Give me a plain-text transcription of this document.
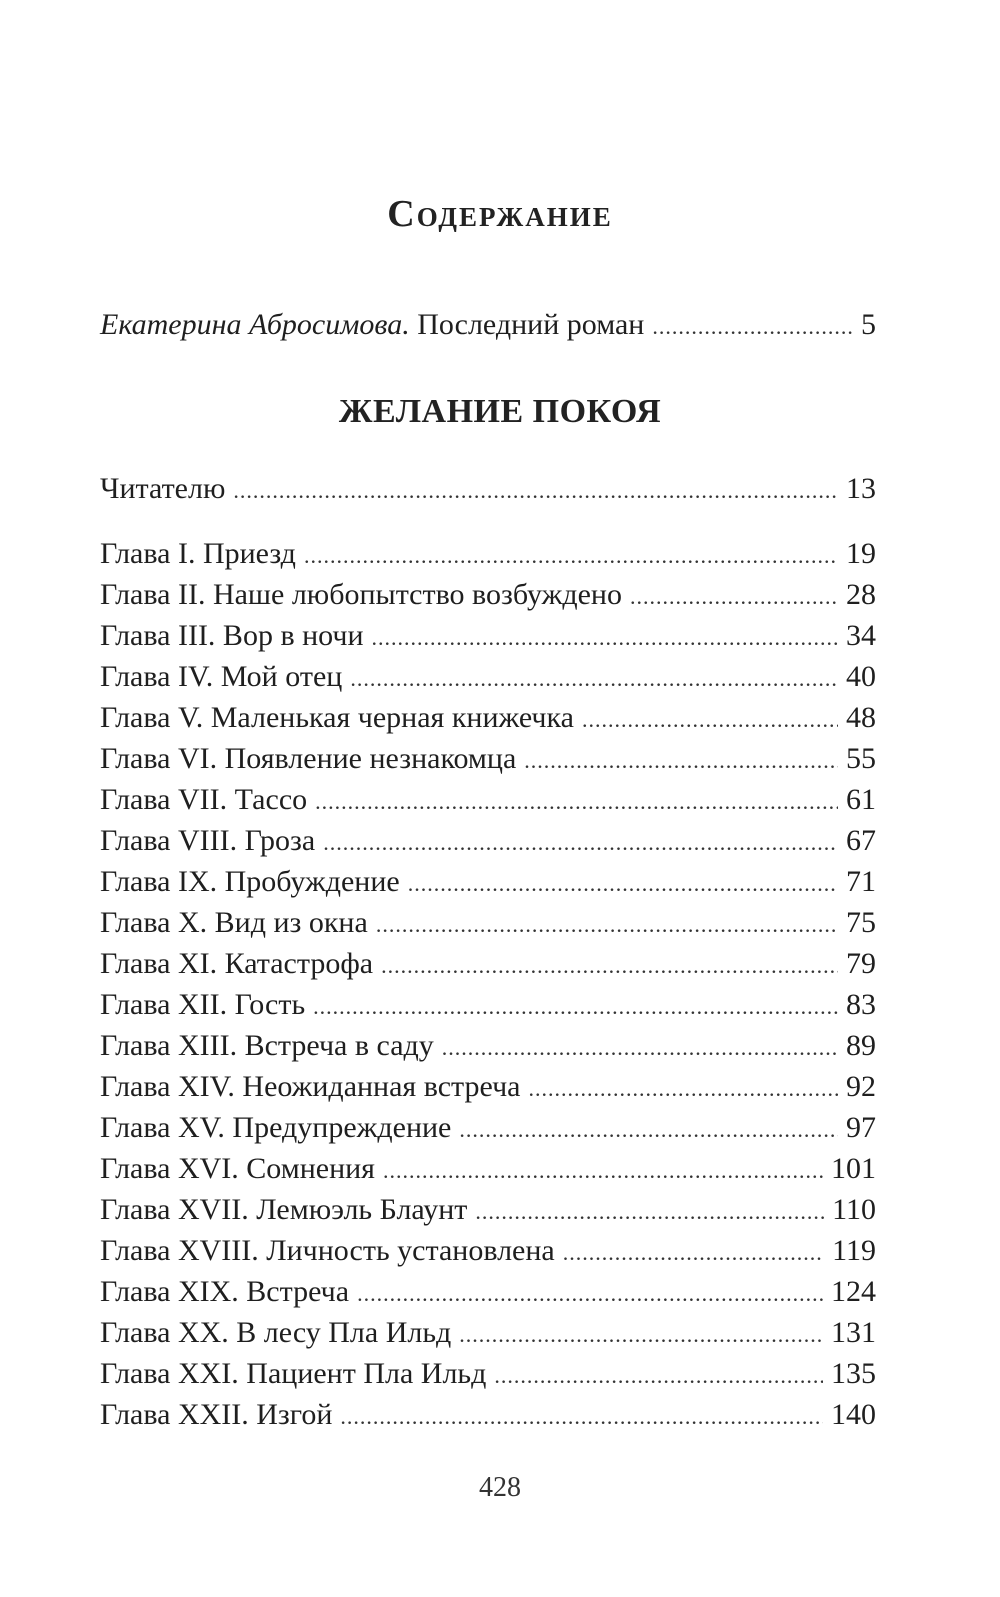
Содержание
Екатерина Абросимова. Последний роман .....	5
ЖЕЛАНИЕ ПОКОЯ
Читателю .....	13
Глава I. Приезд .....	19
Глава II. Наше любопытство возбуждено .....	28
Глава III. Вор в ночи .....	34
Глава IV. Мой отец .....	40
Глава V. Маленькая черная книжечка .....	48
Глава VI. Появление незнакомца .....	55
Глава VII. Тассо .....	61
Глава VIII. Гроза .....	67
Глава IX. Пробуждение .....	71
Глава X. Вид из окна .....	75
Глава XI. Катастрофа .....	79
Глава XII. Гость .....	83
Глава XIII. Встреча в саду .....	89
Глава XIV. Неожиданная встреча .....	92
Глава XV. Предупреждение .....	97
Глава XVI. Сомнения .....	101
Глава XVII. Лемюэль Блаунт .....	110
Глава XVIII. Личность установлена .....	119
Глава XIX. Встреча .....	124
Глава XX. В лесу Пла Ильд .....	131
Глава XXI. Пациент Пла Ильд .....	135
Глава XXII. Изгой .....	140
428
